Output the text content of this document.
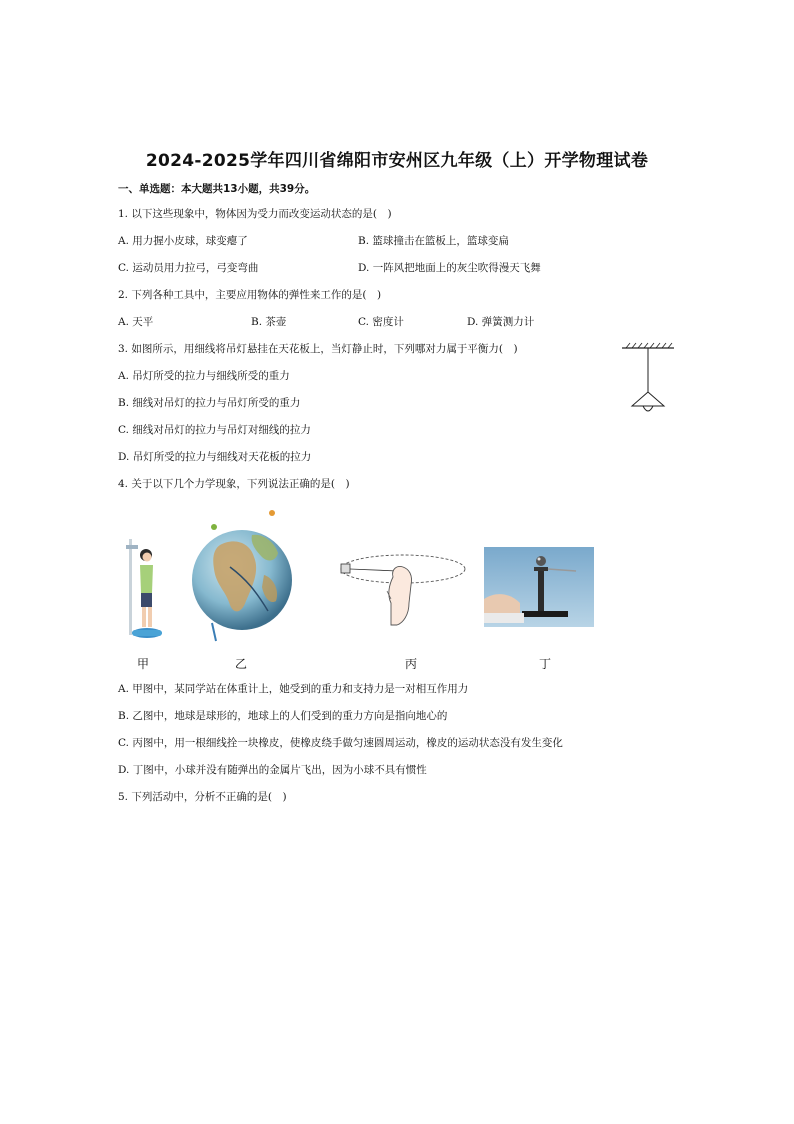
2024-2025学年四川省绵阳市安州区九年级（上）开学物理试卷
一、单选题：本大题共13小题，共39分。
1. 以下这些现象中，物体因为受力而改变运动状态的是(　)
A. 用力握小皮球，球变瘪了	B. 篮球撞击在篮板上，篮球变扁
C. 运动员用力拉弓，弓变弯曲	D. 一阵风把地面上的灰尘吹得漫天飞舞
2. 下列各种工具中，主要应用物体的弹性来工作的是(　)
A. 天平	B. 茶壶	C. 密度计	D. 弹簧测力计
3. 如图所示，用细线将吊灯悬挂在天花板上，当灯静止时，下列哪对力属于平衡力(　)
A. 吊灯所受的拉力与细线所受的重力
B. 细线对吊灯的拉力与吊灯所受的重力
C. 细线对吊灯的拉力与吊灯对细线的拉力
D. 吊灯所受的拉力与细线对天花板的拉力
4. 关于以下几个力学现象，下列说法正确的是(　)
甲	乙	丙	丁
A. 甲图中，某同学站在体重计上，她受到的重力和支持力是一对相互作用力
B. 乙图中，地球是球形的，地球上的人们受到的重力方向是指向地心的
C. 丙图中，用一根细线拴一块橡皮，使橡皮绕手做匀速圆周运动，橡皮的运动状态没有发生变化
D. 丁图中，小球并没有随弹出的金属片飞出，因为小球不具有惯性
5. 下列活动中，分析不正确的是(　)
